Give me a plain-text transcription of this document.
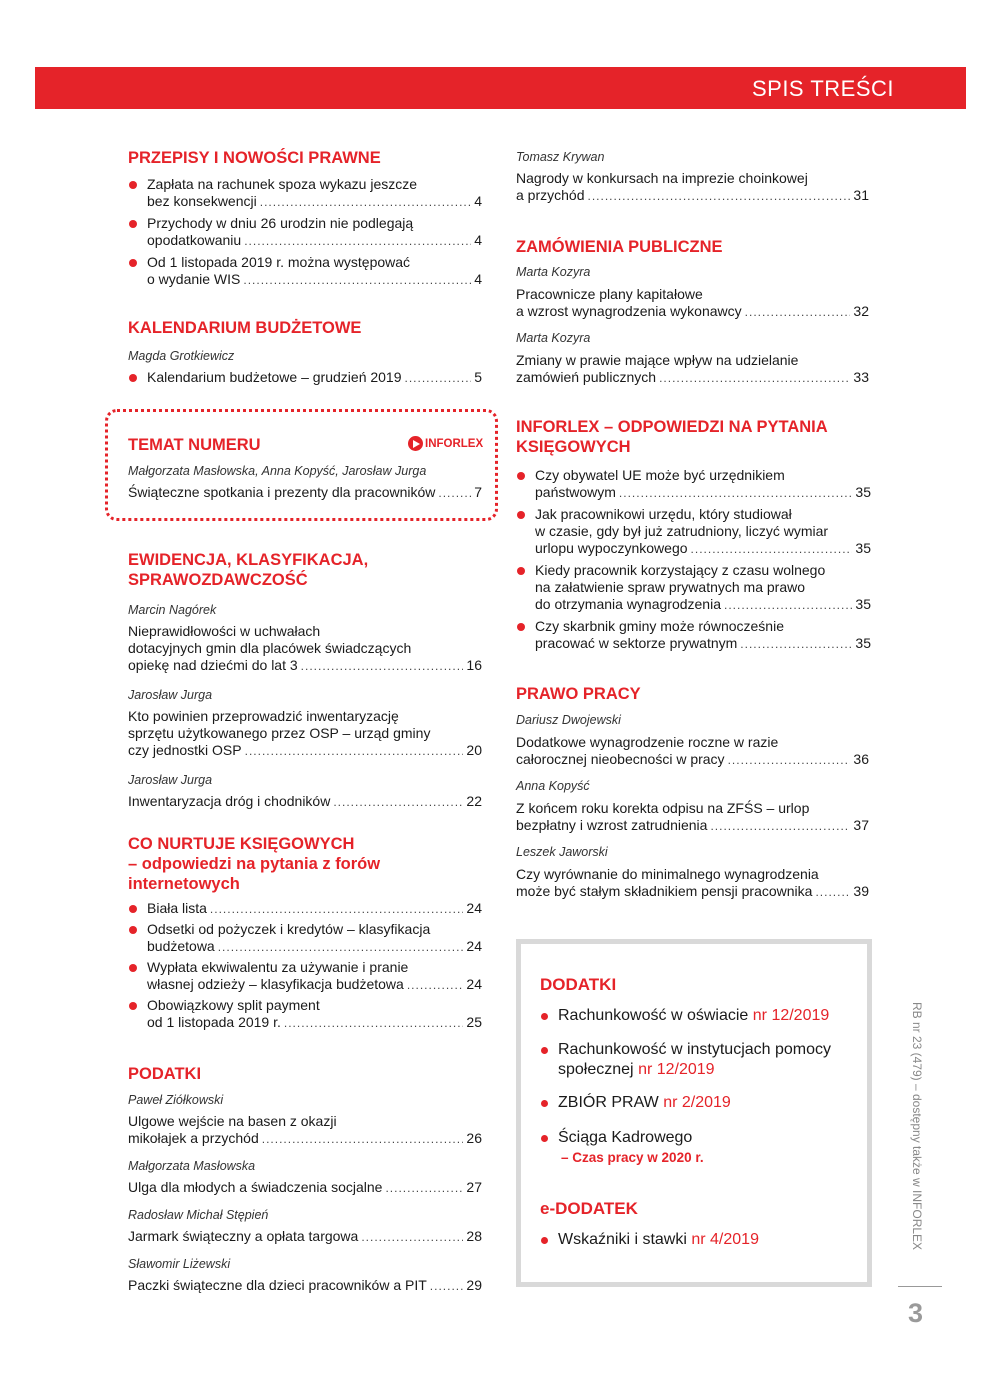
SPIS TREŚCI
PRZEPISY I NOWOŚCI PRAWNE
Zapłata na rachunek spoza wykazu jeszcze
bez konsekwencji .....	4
Przychody w dniu 26 urodzin nie podlegają
opodatkowaniu .....	4
Od 1 listopada 2019 r. można występować
o wydanie WIS .....	4
KALENDARIUM BUDŻETOWE
Magda Grotkiewicz
Kalendarium budżetowe – grudzień 2019 .....	5
TEMAT NUMERU
Małgorzata Masłowska, Anna Kopyść, Jarosław Jurga
Świąteczne spotkania i prezenty dla pracowników .....	7
INFORLEX
EWIDENCJA, KLASYFIKACJA,
SPRAWOZDAWCZOŚĆ
Marcin Nagórek
Nieprawidłowości w uchwałach
dotacyjnych gmin dla placówek świadczących
opiekę nad dziećmi do lat 3 .....	16
Jarosław Jurga
Kto powinien przeprowadzić inwentaryzację
sprzętu użytkowanego przez OSP – urząd gminy
czy jednostki OSP .....	20
Jarosław Jurga
Inwentaryzacja dróg i chodników .....	22
CO NURTUJE KSIĘGOWYCH
– odpowiedzi na pytania z forów
internetowych
Biała lista .....	24
Odsetki od pożyczek i kredytów – klasyfikacja
budżetowa .....	24
Wypłata ekwiwalentu za używanie i pranie
własnej odzieży – klasyfikacja budżetowa .....	24
Obowiązkowy split payment
od 1 listopada 2019 r. .....	25
PODATKI
Paweł Ziółkowski
Ulgowe wejście na basen z okazji
mikołajek a przychód .....	26
Małgorzata Masłowska
Ulga dla młodych a świadczenia socjalne .....	27
Radosław Michał Stępień
Jarmark świąteczny a opłata targowa .....	28
Sławomir Liżewski
Paczki świąteczne dla dzieci pracowników a PIT .....	29
Tomasz Krywan
Nagrody w konkursach na imprezie choinkowej
a przychód .....	31
ZAMÓWIENIA PUBLICZNE
Marta Kozyra
Pracownicze plany kapitałowe
a wzrost wynagrodzenia wykonawcy .....	32
Marta Kozyra
Zmiany w prawie mające wpływ na udzielanie
zamówień publicznych .....	33
INFORLEX – ODPOWIEDZI NA PYTANIA
KSIĘGOWYCH
Czy obywatel UE może być urzędnikiem
państwowym .....	35
Jak pracownikowi urzędu, który studiował
w czasie, gdy był już zatrudniony, liczyć wymiar
urlopu wypoczynkowego .....	35
Kiedy pracownik korzystający z czasu wolnego
na załatwienie spraw prywatnych ma prawo
do otrzymania wynagrodzenia .....	35
Czy skarbnik gminy może równocześnie
pracować w sektorze prywatnym .....	35
PRAWO PRACY
Dariusz Dwojewski
Dodatkowe wynagrodzenie roczne w razie
całorocznej nieobecności w pracy .....	36
Anna Kopyść
Z końcem roku korekta odpisu na ZFŚS – urlop
bezpłatny i wzrost zatrudnienia .....	37
Leszek Jaworski
Czy wyrównanie do minimalnego wynagrodzenia
może być stałym składnikiem pensji pracownika .....	39
DODATKI
Rachunkowość w oświacie nr 12/2019
Rachunkowość w instytucjach pomocy
społecznej nr 12/2019
ZBIÓR PRAW nr 2/2019
Ściąga Kadrowego
– Czas pracy w 2020 r.
e-DODATEK
Wskaźniki i stawki nr 4/2019	RB nr 23 (479) – dostępny także w INFORLEX
3
